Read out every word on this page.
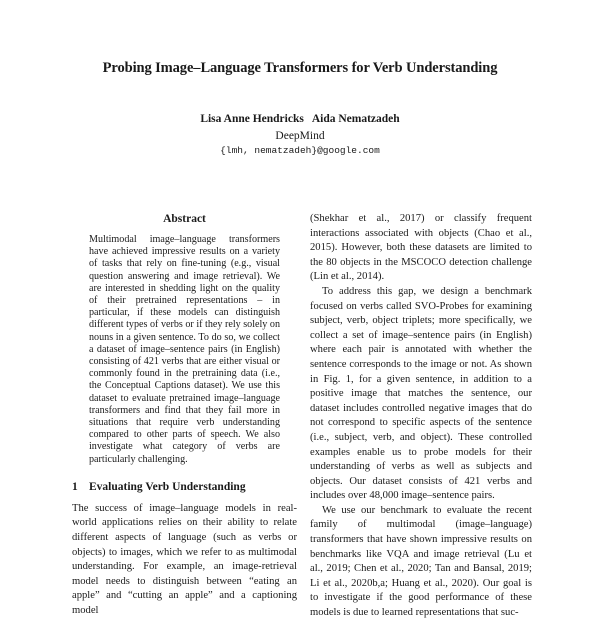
Probing Image–Language Transformers for Verb Understanding
Lisa Anne Hendricks Aida Nematzadeh
DeepMind
{lmh, nematzadeh}@google.com
Abstract

Multimodal image–language transformers have achieved impressive results on a variety of tasks that rely on fine-tuning (e.g., visual question answering and image retrieval). We are interested in shedding light on the quality of their pretrained representations – in particular, if these models can distinguish different types of verbs or if they rely solely on nouns in a given sentence. To do so, we collect a dataset of image–sentence pairs (in English) consisting of 421 verbs that are either visual or commonly found in the pretraining data (i.e., the Conceptual Captions dataset). We use this dataset to evaluate pretrained image–language transformers and find that they fail more in situations that require verb understanding compared to other parts of speech. We also investigate what category of verbs are particularly challenging.

1 Evaluating Verb Understanding

The success of image–language models in real-world applications relies on their ability to relate different aspects of language (such as verbs or objects) to images, which we refer to as multimodal understanding. For example, an image-retrieval model needs to distinguish between “eating an apple” and “cutting an apple” and a captioning model

(Shekhar et al., 2017) or classify frequent interactions associated with objects (Chao et al., 2015). However, both these datasets are limited to the 80 objects in the MSCOCO detection challenge (Lin et al., 2014).

To address this gap, we design a benchmark focused on verbs called SVO-Probes for examining subject, verb, object triplets; more specifically, we collect a set of image–sentence pairs (in English) where each pair is annotated with whether the sentence corresponds to the image or not. As shown in Fig. 1, for a given sentence, in addition to a positive image that matches the sentence, our dataset includes controlled negative images that do not correspond to specific aspects of the sentence (i.e., subject, verb, and object). These controlled examples enable us to probe models for their understanding of verbs as well as subjects and objects. Our dataset consists of 421 verbs and includes over 48,000 image–sentence pairs.

We use our benchmark to evaluate the recent family of multimodal (image–language) transformers that have shown impressive results on benchmarks like VQA and image retrieval (Lu et al., 2019; Chen et al., 2020; Tan and Bansal, 2019; Li et al., 2020b,a; Huang et al., 2020). Our goal is to investigate if the good performance of these models is due to learned representations that suc-
